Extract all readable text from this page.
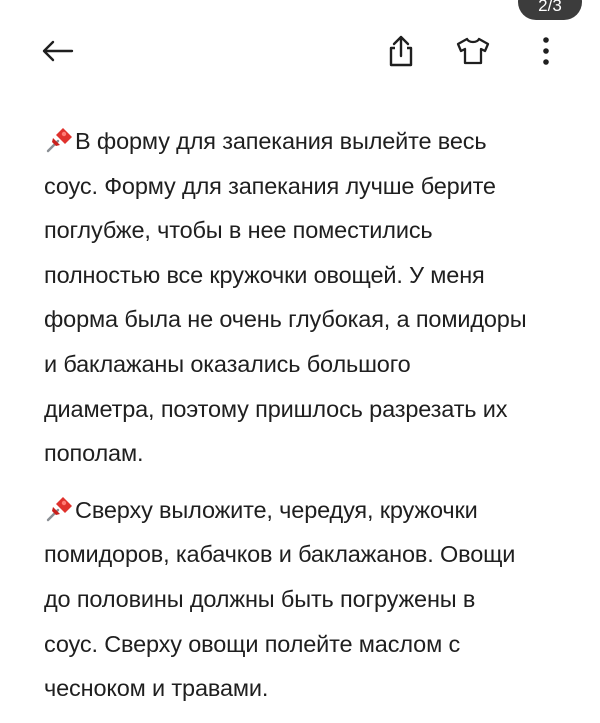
2/3

В форму для запекания вылейте весь
соус. Форму для запекания лучше берите
поглубже, чтобы в нее поместились
полностью все кружочки овощей. У меня
форма была не очень глубокая, а помидоры
и баклажаны оказались большого
диаметра, поэтому пришлось разрезать их
пополам.

Сверху выложите, чередуя, кружочки
помидоров, кабачков и баклажанов. Овощи
до половины должны быть погружены в
соус. Сверху овощи полейте маслом с
чесноком и травами.
